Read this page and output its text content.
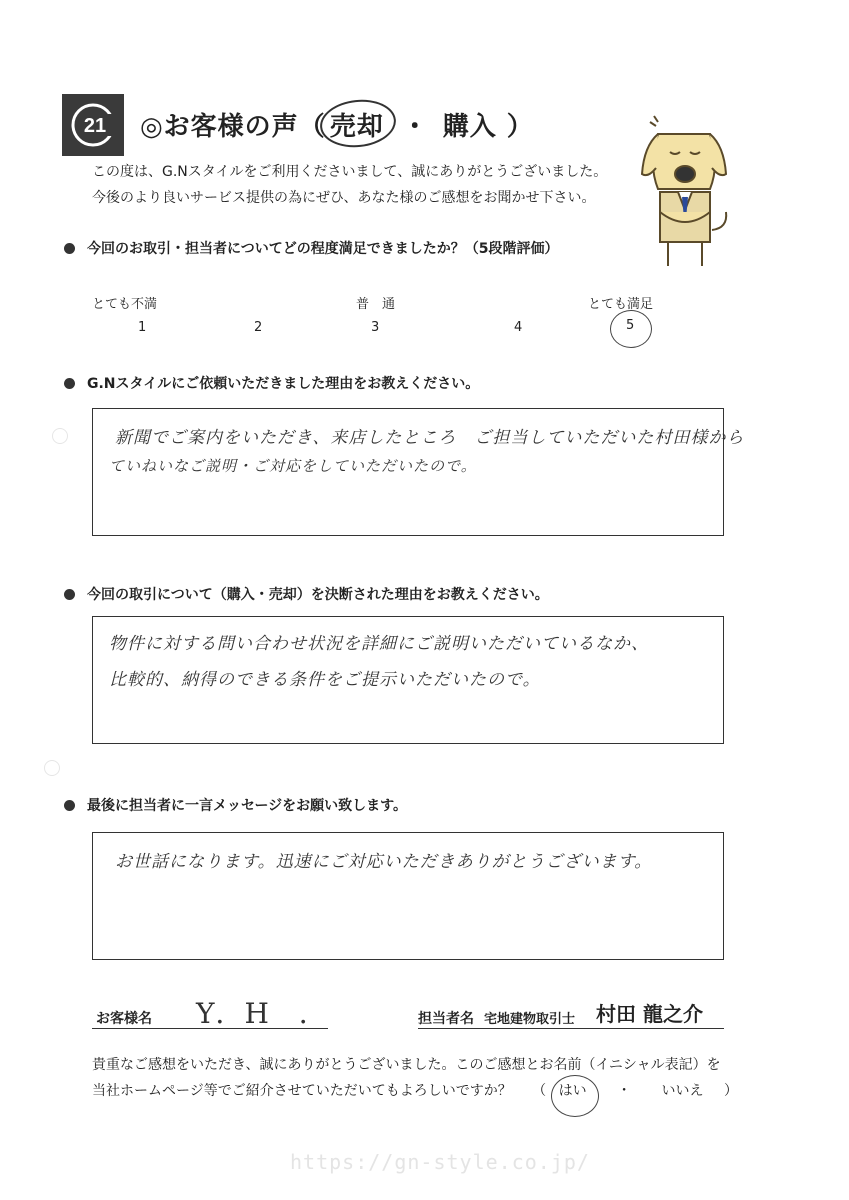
21 ◎お客様の声（ 売却 ・ 購入 ）
この度は、G.Nスタイルをご利用くださいまして、誠にありがとうございました。
今後のより良いサービス提供の為にぜひ、あなた様のご感想をお聞かせ下さい。
今回のお取引・担当者についてどの程度満足できましたか？（5段階評価）
とても不満	普　通	とても満足
1	2	3	4	5
G.Nスタイルにご依頼いただきました理由をお教えください。
新聞でご案内をいただき、来店したところ　ご担当していただいた村田様から
ていねいなご説明・ご対応をしていただいたので。
今回の取引について（購入・売却）を決断された理由をお教えください。
物件に対する問い合わせ状況を詳細にご説明いただいているなか、
比較的、納得のできる条件をご提示いただいたので。
最後に担当者に一言メッセージをお願い致します。
お世話になります。迅速にご対応いただきありがとうございます。
お客様名 Y．H　．	担当者名 宅地建物取引士 村田 龍之介
貴重なご感想をいただき、誠にありがとうございました。このご感想とお名前（イニシャル表記）を
当社ホームページ等でご紹介させていただいてもよろしいですか？ （ はい ・ いいえ ）
https://gn-style.co.jp/
